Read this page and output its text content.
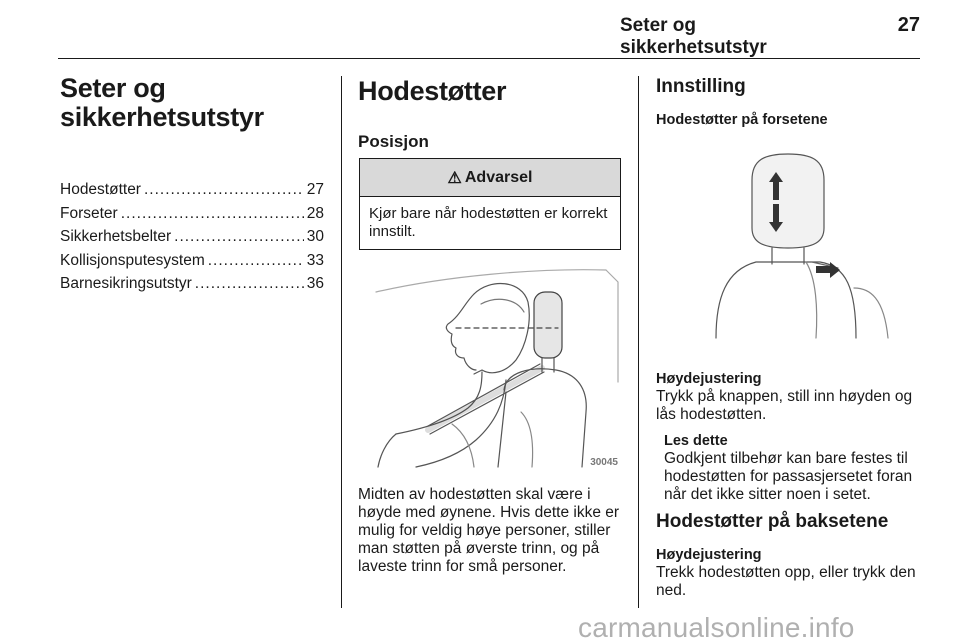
Seter og sikkerhetsutstyr
27
Seter og
sikkerhetsutstyr
Hodestøtter .....	27
Forseter .....	28
Sikkerhetsbelter .....	30
Kollisjonsputesystem .....	33
Barnesikringsutstyr .....	36
Hodestøtter
Posisjon
⚠ Advarsel
Kjør bare når hodestøtten er korrekt innstilt.
30045
Midten av hodestøtten skal være i høyde med øynene. Hvis dette ikke er mulig for veldig høye personer, stiller man støtten på øverste trinn, og på laveste trinn for små personer.
Innstilling
Hodestøtter på forsetene
Høydejustering
Trykk på knappen, still inn høyden og lås hodestøtten.
Les dette
Godkjent tilbehør kan bare festes til hodestøtten for passasjersetet foran når det ikke sitter noen i setet.
Hodestøtter på baksetene
Høydejustering
Trekk hodestøtten opp, eller trykk den ned.
carmanualsonline.info
